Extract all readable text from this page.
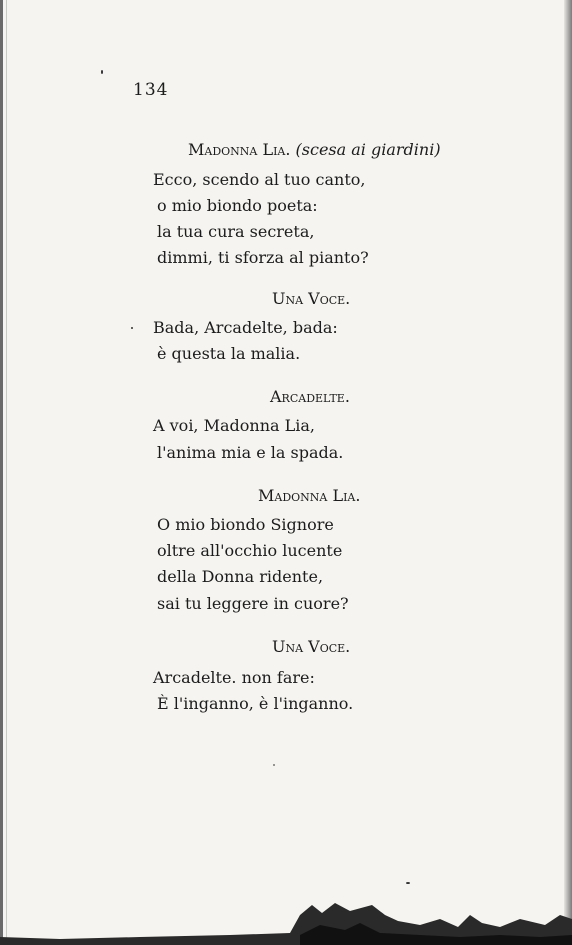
134
Madonna Lia. (scesa ai giardini)
Ecco, scendo al tuo canto,
o mio biondo poeta:
la tua cura secreta,
dimmi, ti sforza al pianto?
Una Voce.
Bada, Arcadelte, bada:
è questa la malia.
Arcadelte.
A voi, Madonna Lia,
l'anima mia e la spada.
Madonna Lia.
O mio biondo Signore
oltre all'occhio lucente
della Donna ridente,
sai tu leggere in cuore?
Una Voce.
Arcadelte. non fare:
È l'inganno, è l'inganno.
